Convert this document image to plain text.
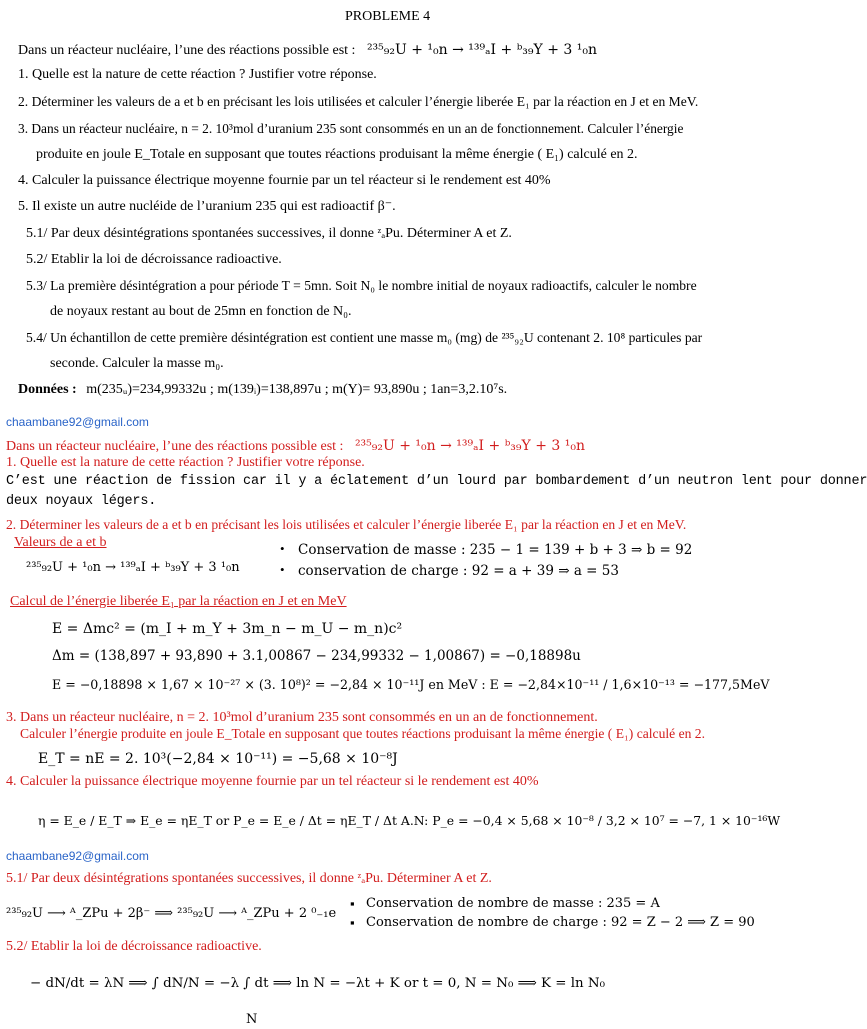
PROBLEME 4
Dans un réacteur nucléaire, l’une des réactions possible est : ²³⁵₉₂U + ¹₀n → ¹³⁹ₐI + ᵇ₃₉Y + 3 ¹₀n
1. Quelle est la nature de cette réaction ? Justifier votre réponse.
2. Déterminer les valeurs de a et b en précisant les lois utilisées et calculer l’énergie liberée E₁ par la réaction en J et en MeV.
3. Dans un réacteur nucléaire, n = 2. 10³mol d’uranium 235 sont consommés en un an de fonctionnement. Calculer l’énergie
produite en joule E_Totale en supposant que toutes réactions produisant la même énergie ( E₁) calculé en 2.
4. Calculer la puissance électrique moyenne fournie par un tel réacteur si le rendement est 40%
5. Il existe un autre nucléide de l’uranium 235 qui est radioactif β⁻.
5.1/ Par deux désintégrations spontanées successives, il donne ᶻₐPu. Déterminer A et Z.
5.2/ Etablir la loi de décroissance radioactive.
5.3/ La première désintégration a pour période T = 5mn. Soit N₀ le nombre initial de noyaux radioactifs, calculer le nombre
de noyaux restant au bout de 25mn en fonction de N₀.
5.4/ Un échantillon de cette première désintégration est contient une masse m₀ (mg) de ²³⁵₉₂U contenant 2. 10⁸ particules par
seconde. Calculer la masse m₀.
Données : m(235ᵤ)=234,99332u ; m(139ᵢ)=138,897u ; m(Y)= 93,890u ; 1an=3,2.10⁷s.
chaambane92@gmail.com
Dans un réacteur nucléaire, l’une des réactions possible est : ²³⁵₉₂U + ¹₀n → ¹³⁹ₐI + ᵇ₃₉Y + 3 ¹₀n
1. Quelle est la nature de cette réaction ? Justifier votre réponse.
C’est une réaction de fission car il y a éclatement d’un lourd par bombardement d’un neutron lent pour donner
deux noyaux légers.
2. Déterminer les valeurs de a et b en précisant les lois utilisées et calculer l’énergie liberée E₁ par la réaction en J et en MeV.
Valeurs de a et b
²³⁵₉₂U + ¹₀n → ¹³⁹ₐI + ᵇ₃₉Y + 3 ¹₀n
• Conservation de masse : 235 − 1 = 139 + b + 3 ⇒ b = 92
• conservation de charge : 92 = a + 39 ⇒ a = 53
Calcul de l’énergie liberée E₁ par la réaction en J et en MeV
E = Δmc² = (m_I + m_Y + 3m_n − m_U − m_n)c²
Δm = (138,897 + 93,890 + 3.1,00867 − 234,99332 − 1,00867) = −0,18898u
E = −0,18898 × 1,67 × 10⁻²⁷ × (3. 10⁸)² = −2,84 × 10⁻¹¹J en MeV : E = −2,84×10⁻¹¹ / 1,6×10⁻¹³ = −177,5MeV
3. Dans un réacteur nucléaire, n = 2. 10³mol d’uranium 235 sont consommés en un an de fonctionnement.
Calculer l’énergie produite en joule E_Totale en supposant que toutes réactions produisant la même énergie ( E₁) calculé en 2.
E_T = nE = 2. 10³(−2,84 × 10⁻¹¹) = −5,68 × 10⁻⁸J
4. Calculer la puissance électrique moyenne fournie par un tel réacteur si le rendement est 40%
η = E_e / E_T ⇒ E_e = ηE_T or P_e = E_e / Δt = ηE_T / Δt A.N: P_e = −0,4 × 5,68 × 10⁻⁸ / 3,2 × 10⁷ = −7, 1 × 10⁻¹⁶W
chaambane92@gmail.com
5.1/ Par deux désintégrations spontanées successives, il donne ᶻₐPu. Déterminer A et Z.
²³⁵₉₂U ⟶ ᴬ_ZPu + 2β⁻ ⟹ ²³⁵₉₂U ⟶ ᴬ_ZPu + 2 ⁰₋₁e
▪ Conservation de nombre de masse : 235 = A
▪ Conservation de nombre de charge : 92 = Z − 2 ⟹ Z = 90
5.2/ Etablir la loi de décroissance radioactive.
− dN/dt = λN ⟹ ∫ dN/N = −λ ∫ dt ⟹ ln N = −λt + K or t = 0, N = N₀ ⟹ K = ln N₀
N
